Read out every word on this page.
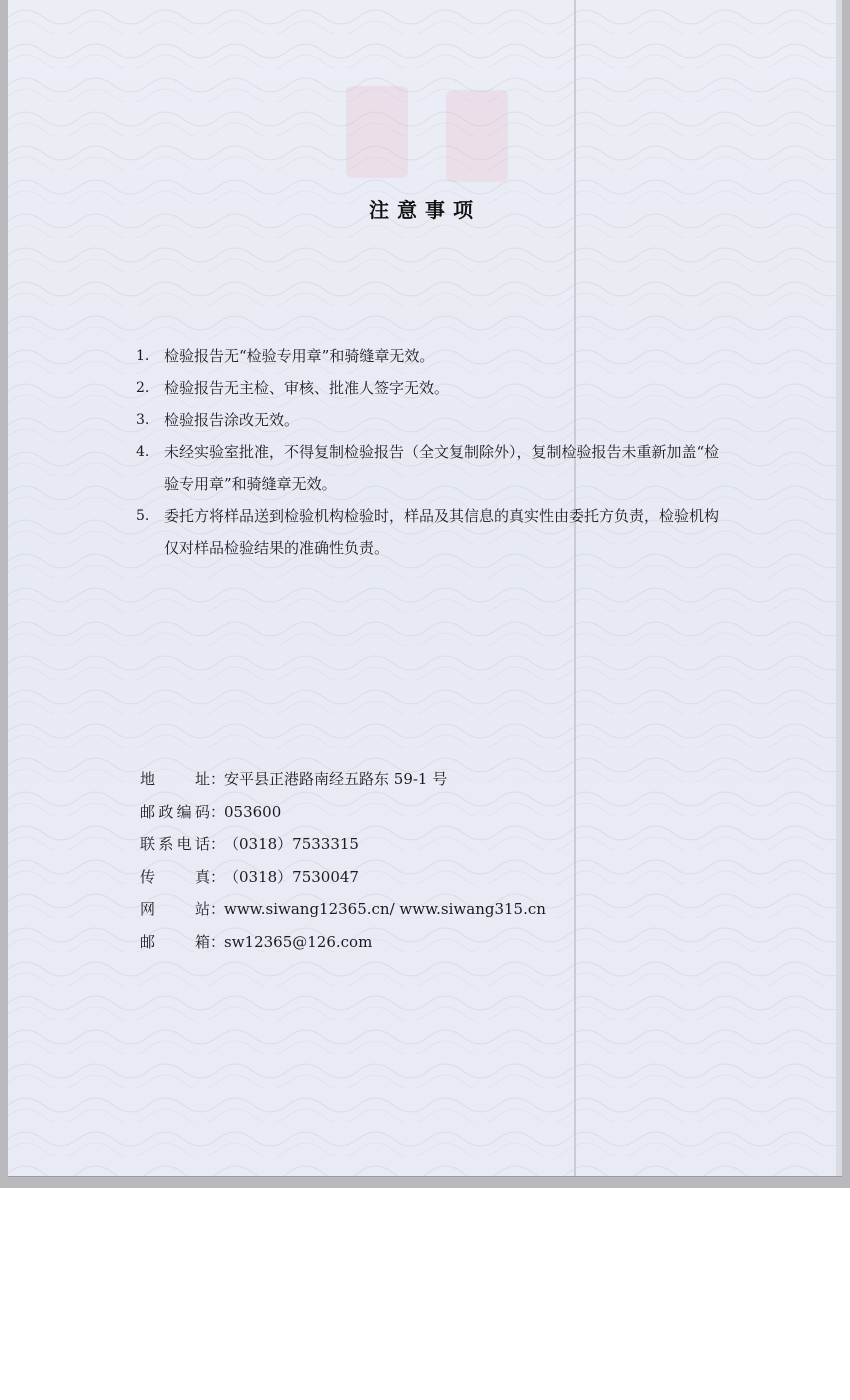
注意事项
1. 检验报告无“检验专用章”和骑缝章无效。
2. 检验报告无主检、审核、批准人签字无效。
3. 检验报告涂改无效。
4. 未经实验室批准，不得复制检验报告（全文复制除外），复制检验报告未重新加盖“检验专用章”和骑缝章无效。
5. 委托方将样品送到检验机构检验时，样品及其信息的真实性由委托方负责，检验机构仅对样品检验结果的准确性负责。
地址：安平县正港路南经五路东 59-1 号
邮政编码：053600
联系电话：（0318）7533315
传真：（0318）7530047
网站：www.siwang12365.cn/ www.siwang315.cn
邮箱：sw12365@126.com
